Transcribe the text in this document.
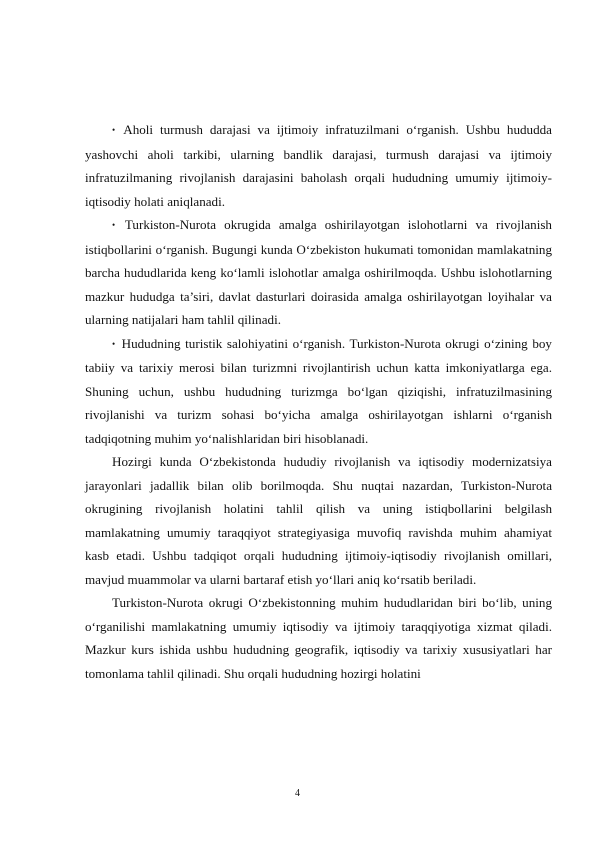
• Aholi turmush darajasi va ijtimoiy infratuzilmani o‘rganish. Ushbu hududda yashovchi aholi tarkibi, ularning bandlik darajasi, turmush darajasi va ijtimoiy infratuzilmaning rivojlanish darajasini baholash orqali hududning umumiy ijtimoiy-iqtisodiy holati aniqlanadi.

• Turkiston-Nurota okrugida amalga oshirilayotgan islohotlarni va rivojlanish istiqbollarini o‘rganish. Bugungi kunda O‘zbekiston hukumati tomonidan mamlakatning barcha hududlarida keng ko‘lamli islohotlar amalga oshirilmoqda. Ushbu islohotlarning mazkur hududga ta’siri, davlat dasturlari doirasida amalga oshirilayotgan loyihalar va ularning natijalari ham tahlil qilinadi.

• Hududning turistik salohiyatini o‘rganish. Turkiston-Nurota okrugi o‘zining boy tabiiy va tarixiy merosi bilan turizmni rivojlantirish uchun katta imkoniyatlarga ega. Shuning uchun, ushbu hududning turizmga bo‘lgan qiziqishi, infratuzilmasining rivojlanishi va turizm sohasi bo‘yicha amalga oshirilayotgan ishlarni o‘rganish tadqiqotning muhim yo‘nalishlaridan biri hisoblanadi.

Hozirgi kunda O‘zbekistonda hududiy rivojlanish va iqtisodiy modernizatsiya jarayonlari jadallik bilan olib borilmoqda. Shu nuqtai nazardan, Turkiston-Nurota okrugining rivojlanish holatini tahlil qilish va uning istiqbollarini belgilash mamlakatning umumiy taraqqiyot strategiyasiga muvofiq ravishda muhim ahamiyat kasb etadi. Ushbu tadqiqot orqali hududning ijtimoiy-iqtisodiy rivojlanish omillari, mavjud muammolar va ularni bartaraf etish yo‘llari aniq ko‘rsatib beriladi.

Turkiston-Nurota okrugi O‘zbekistonning muhim hududlaridan biri bo‘lib, uning o‘rganilishi mamlakatning umumiy iqtisodiy va ijtimoiy taraqqiyotiga xizmat qiladi. Mazkur kurs ishida ushbu hududning geografik, iqtisodiy va tarixiy xususiyatlari har tomonlama tahlil qilinadi. Shu orqali hududning hozirgi holatini

4
